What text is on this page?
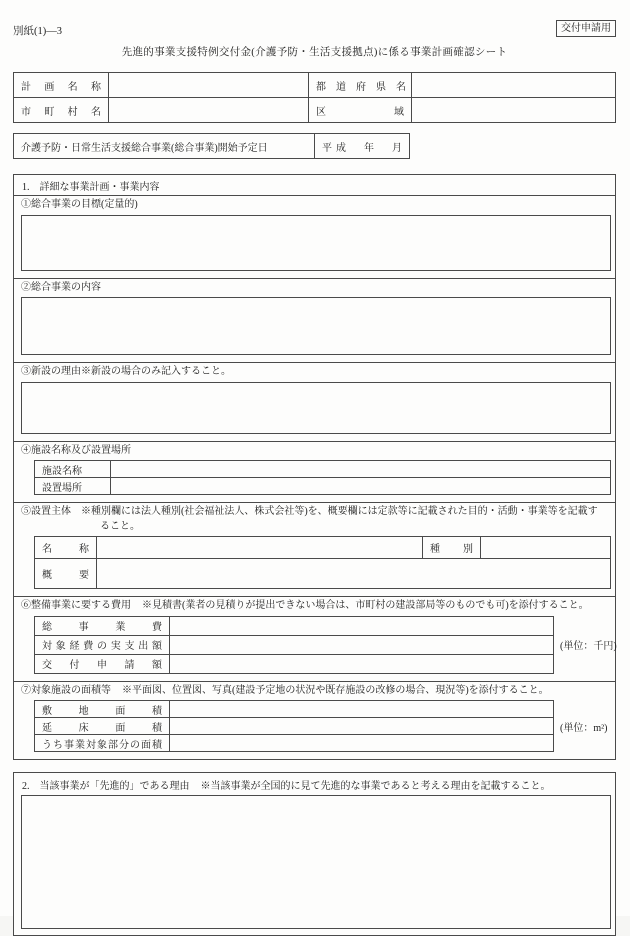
別紙(1)―3	交付申請用
先進的事業支援特例交付金(介護予防・生活支援拠点)に係る事業計画確認シート
計　画　名　称		都　道　府　県　名	
市　町　村　名		区　域	
介護予防・日常生活支援総合事業(総合事業)開始予定日	平成　年　月
1.　詳細な事業計画・事業内容
①総合事業の目標(定量的)
②総合事業の内容
③新設の理由※新設の場合のみ記入すること。
④施設名称及び設置場所
施設名称	
設置場所	
⑤設置主体 ※種別欄には法人種別(社会福祉法人、株式会社等)を、概要欄には定款等に記載された目的・活動・事業等を記載す
ること。
名　称		種　別	
概　要			
⑥整備事業に要する費用 ※見積書(業者の見積りが提出できない場合は、市町村の建設部局等のものでも可)を添付すること。
総　事　業　費	
対象経費の実支出額	
交　付　申　請　額	
(単位：千円)
⑦対象施設の面積等 ※平面図、位置図、写真(建設予定地の状況や既存施設の改修の場合、現況等)を添付すること。
敷　地　面　積	
延　床　面　積	
うち事業対象部分の面積	
(単位：m²)
2.　当該事業が「先進的」である理由 ※当該事業が全国的に見て先進的な事業であると考える理由を記載すること。
